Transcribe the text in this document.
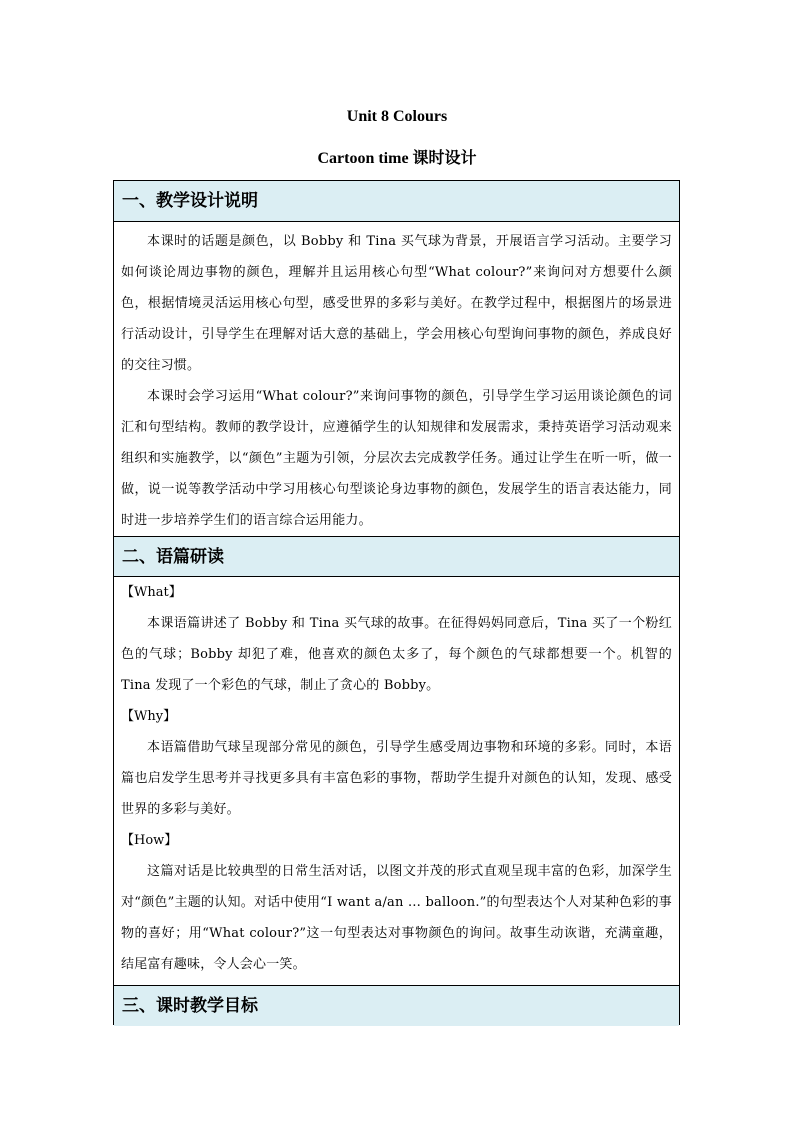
Unit 8 Colours
Cartoon time 课时设计
一、教学设计说明

本课时的话题是颜色，以 Bobby 和 Tina 买气球为背景，开展语言学习活动。主要学习如何谈论周边事物的颜色，理解并且运用核心句型“What colour?”来询问对方想要什么颜色，根据情境灵活运用核心句型，感受世界的多彩与美好。在教学过程中，根据图片的场景进行活动设计，引导学生在理解对话大意的基础上，学会用核心句型询问事物的颜色，养成良好的交往习惯。

本课时会学习运用“What colour?”来询问事物的颜色，引导学生学习运用谈论颜色的词汇和句型结构。教师的教学设计，应遵循学生的认知规律和发展需求，秉持英语学习活动观来组织和实施教学，以“颜色”主题为引领，分层次去完成教学任务。通过让学生在听一听，做一做，说一说等教学活动中学习用核心句型谈论身边事物的颜色，发展学生的语言表达能力，同时进一步培养学生们的语言综合运用能力。

二、语篇研读

【What】

本课语篇讲述了 Bobby 和 Tina 买气球的故事。在征得妈妈同意后，Tina 买了一个粉红色的气球；Bobby 却犯了难，他喜欢的颜色太多了，每个颜色的气球都想要一个。机智的 Tina 发现了一个彩色的气球，制止了贪心的 Bobby。

【Why】

本语篇借助气球呈现部分常见的颜色，引导学生感受周边事物和环境的多彩。同时，本语篇也启发学生思考并寻找更多具有丰富色彩的事物，帮助学生提升对颜色的认知，发现、感受世界的多彩与美好。

【How】

这篇对话是比较典型的日常生活对话，以图文并茂的形式直观呈现丰富的色彩，加深学生对“颜色”主题的认知。对话中使用“I want a/an … balloon.”的句型表达个人对某种色彩的事物的喜好；用“What colour?”这一句型表达对事物颜色的询问。故事生动诙谐，充满童趣，结尾富有趣味，令人会心一笑。

三、课时教学目标
